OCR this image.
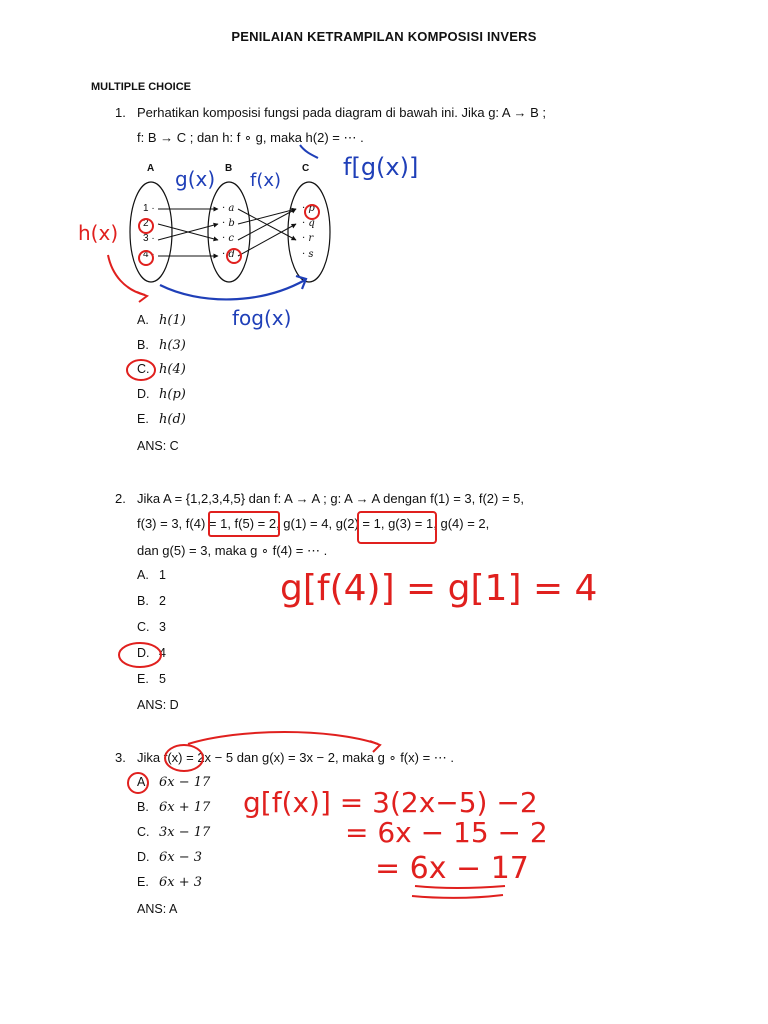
PENILAIAN KETRAMPILAN KOMPOSISI INVERS
MULTIPLE CHOICE
1. Perhatikan komposisi fungsi pada diagram di bawah ini. Jika g: A → B ;
f: B → C ; dan h: f ∘ g, maka h(2) = ⋯ .
A	B	C
1 ·
2 ·
3 ·
4 ·
· a
· b
· c
· d
· p
· q
· r
· s
A. h(1)
B. h(3)
C. h(4)
D. h(p)
E. h(d)
ANS: C
2. Jika A = {1,2,3,4,5} dan f: A → A ; g: A → A dengan f(1) = 3, f(2) = 5,
f(3) = 3, f(4) = 1, f(5) = 2, g(1) = 4, g(2) = 1, g(3) = 1, g(4) = 2,
dan g(5) = 3, maka g ∘ f(4) = ⋯ .
A. 1
B. 2
C. 3
D. 4
E. 5
ANS: D
3. Jika f(x) = 2x − 5 dan g(x) = 3x − 2, maka g ∘ f(x) = ⋯ .
A. 6x − 17
B. 6x + 17
C. 3x − 17
D. 6x − 3
E. 6x + 3
ANS: A
g(x) f(x)	f[g(x)]
fog(x)
h(x)
g[f(4)] = g[1] = 4
g[f(x)] = 3(2x−5) −2
= 6x − 15 − 2
= 6x − 17
